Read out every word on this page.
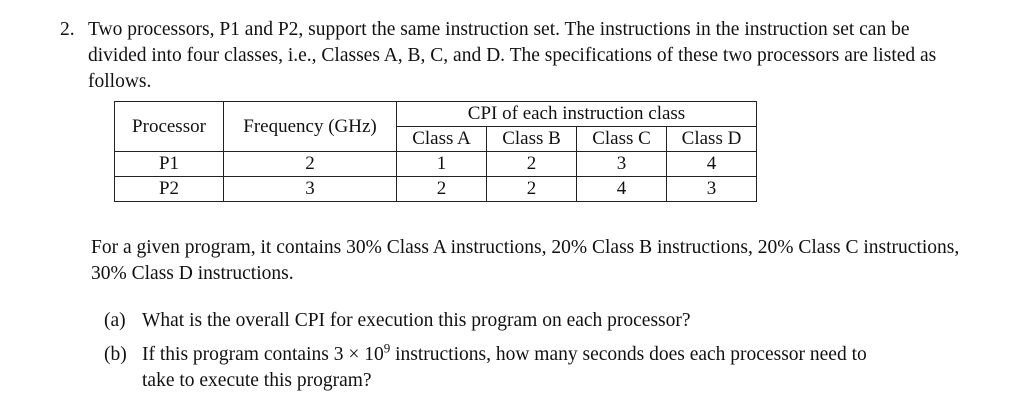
2. Two processors, P1 and P2, support the same instruction set. The instructions in the instruction set can be divided into four classes, i.e., Classes A, B, C, and D. The specifications of these two processors are listed as follows.
Processor	Frequency (GHz)	CPI of each instruction class			
		Class A	Class B	Class C	Class D
P1	2	1	2	3	4
P2	3	2	2	4	3
For a given program, it contains 30% Class A instructions, 20% Class B instructions, 20% Class C instructions, 30% Class D instructions.
(a) What is the overall CPI for execution this program on each processor?
(b) If this program contains $3 \times 10^9$ instructions, how many seconds does each processor need to take to execute this program?
